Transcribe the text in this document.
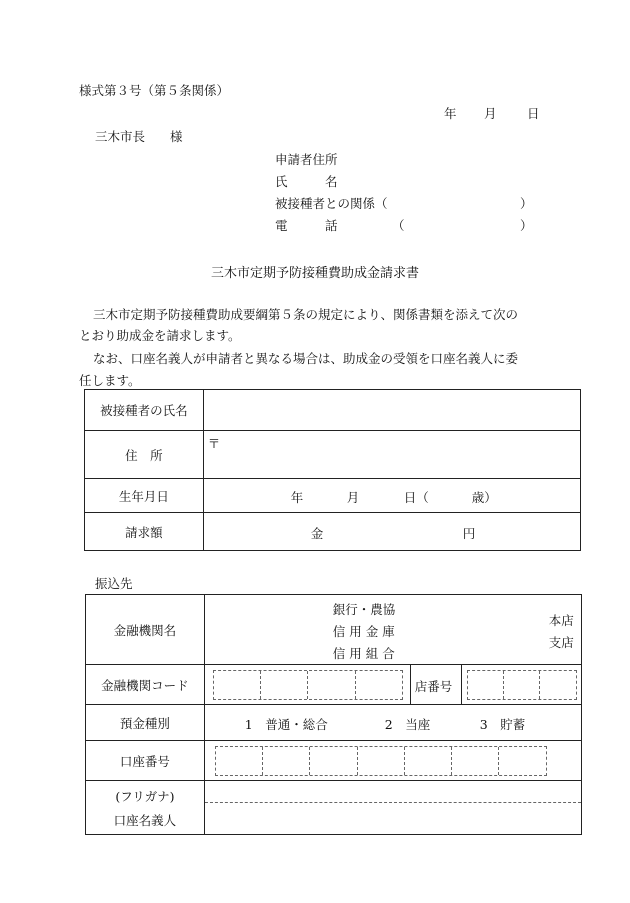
様式第３号（第５条関係）
年 月 日
三木市長　　様
申請者住所
氏　　　名
被接種者との関係（	）
電　　　話	（	）
三木市定期予防接種費助成金請求書
三木市定期予防接種費助成要綱第５条の規定により、関係書類を添えて次の
とおり助成金を請求します。
なお、口座名義人が申請者と異なる場合は、助成金の受領を口座名義人に委
任します。
被接種者の氏名	
住　所	〒

生年月日	年 月 日（ 歳）

請求額	金 円
振込先
金融機関名	銀行・農協
信 用 金 庫
信 用 組 合
本店
支店

金融機関コード	店番号

預金種別	1　普通・総合 2　当座 3　貯蓄

口座番号	

(フリガナ)
口座名義人	
